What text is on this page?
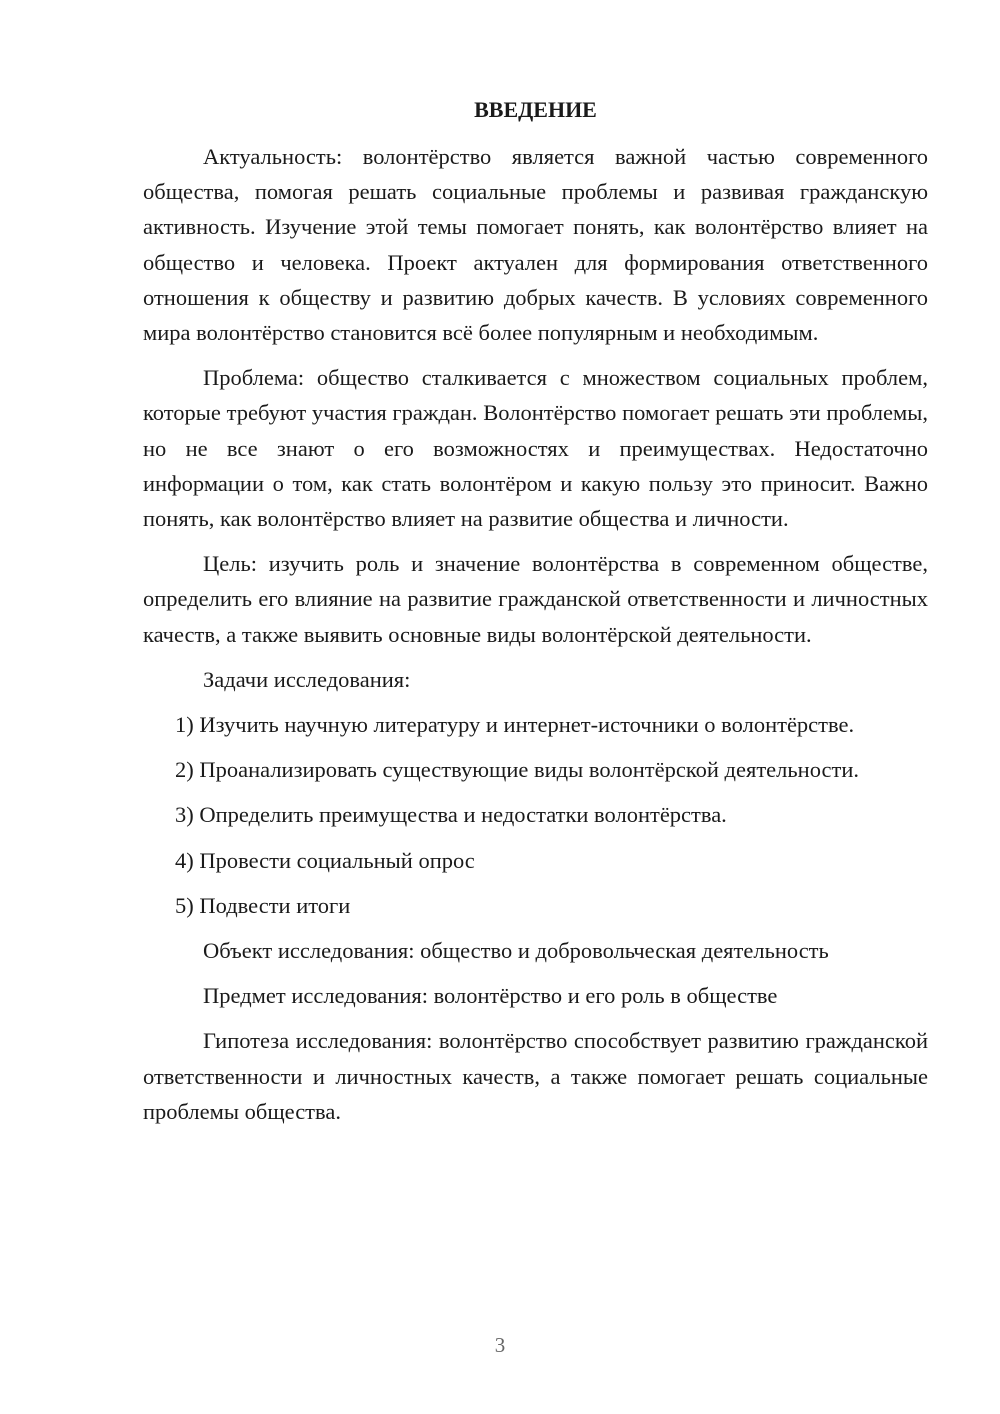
ВВЕДЕНИЕ

Актуальность: волонтёрство является важной частью современного общества, помогая решать социальные проблемы и развивая гражданскую активность. Изучение этой темы помогает понять, как волонтёрство влияет на общество и человека. Проект актуален для формирования ответственного отношения к обществу и развитию добрых качеств. В условиях современного мира волонтёрство становится всё более популярным и необходимым.

Проблема: общество сталкивается с множеством социальных проблем, которые требуют участия граждан. Волонтёрство помогает решать эти проблемы, но не все знают о его возможностях и преимуществах. Недостаточно информации о том, как стать волонтёром и какую пользу это приносит. Важно понять, как волонтёрство влияет на развитие общества и личности.

Цель: изучить роль и значение волонтёрства в современном обществе, определить его влияние на развитие гражданской ответственности и личностных качеств, а также выявить основные виды волонтёрской деятельности.

Задачи исследования:

1) Изучить научную литературу и интернет-источники о волонтёрстве.

2) Проанализировать существующие виды волонтёрской деятельности.

3) Определить преимущества и недостатки волонтёрства.

4) Провести социальный опрос

5) Подвести итоги

Объект исследования: общество и добровольческая деятельность

Предмет исследования: волонтёрство и его роль в обществе

Гипотеза исследования: волонтёрство способствует развитию гражданской ответственности и личностных качеств, а также помогает решать социальные проблемы общества.

3
